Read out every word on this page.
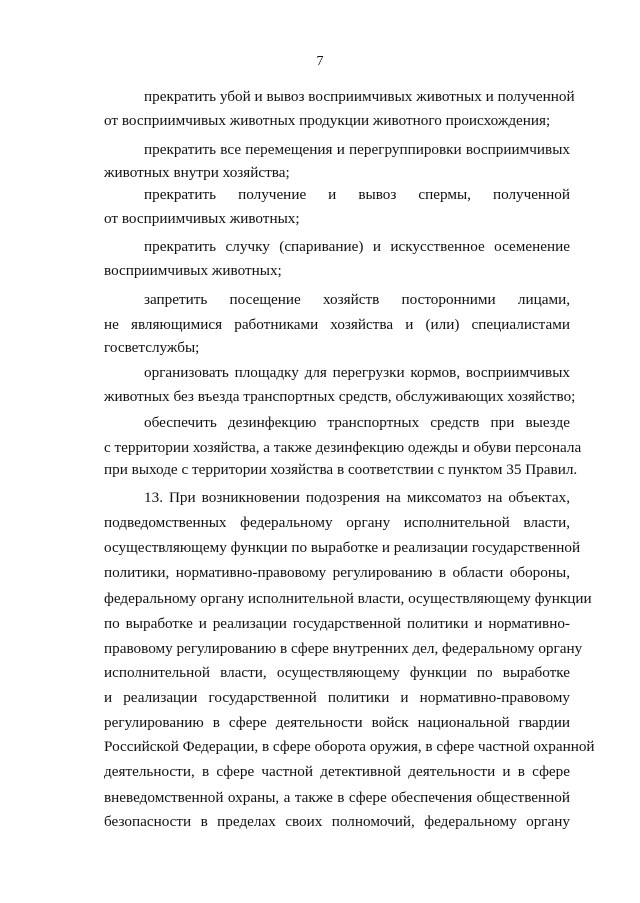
7
прекратить убой и вывоз восприимчивых животных и полученной
от восприимчивых животных продукции животного происхождения;
прекратить все перемещения и перегруппировки восприимчивых
животных внутри хозяйства;
прекратить получение и вывоз спермы, полученной
от восприимчивых животных;
прекратить случку (спаривание) и искусственное осеменение
восприимчивых животных;
запретить посещение хозяйств посторонними лицами,
не являющимися работниками хозяйства и (или) специалистами
госветслужбы;
организовать площадку для перегрузки кормов, восприимчивых
животных без въезда транспортных средств, обслуживающих хозяйство;
обеспечить дезинфекцию транспортных средств при выезде
с территории хозяйства, а также дезинфекцию одежды и обуви персонала
при выходе с территории хозяйства в соответствии с пунктом 35 Правил.
13. При возникновении подозрения на миксоматоз на объектах,
подведомственных федеральному органу исполнительной власти,
осуществляющему функции по выработке и реализации государственной
политики, нормативно-правовому регулированию в области обороны,
федеральному органу исполнительной власти, осуществляющему функции
по выработке и реализации государственной политики и нормативно-
правовому регулированию в сфере внутренних дел, федеральному органу
исполнительной власти, осуществляющему функции по выработке
и реализации государственной политики и нормативно-правовому
регулированию в сфере деятельности войск национальной гвардии
Российской Федерации, в сфере оборота оружия, в сфере частной охранной
деятельности, в сфере частной детективной деятельности и в сфере
вневедомственной охраны, а также в сфере обеспечения общественной
безопасности в пределах своих полномочий, федеральному органу
